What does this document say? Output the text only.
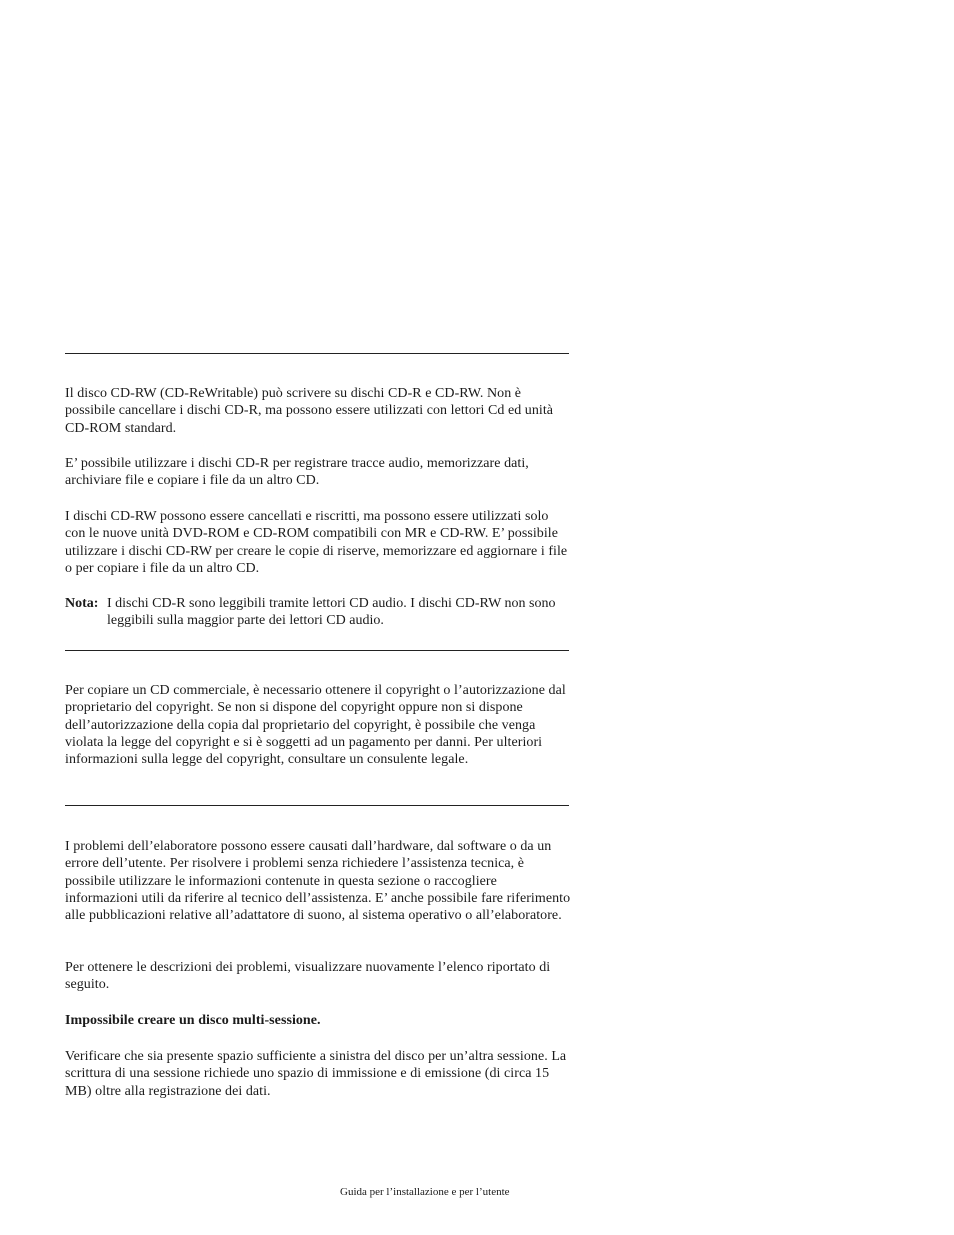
Il disco CD-RW (CD-ReWritable) può scrivere su dischi CD-R e CD-RW. Non è possibile cancellare i dischi CD-R, ma possono essere utilizzati con lettori Cd ed unità CD-ROM standard.

E’ possibile utilizzare i dischi CD-R per registrare tracce audio, memorizzare dati, archiviare file e copiare i file da un altro CD.

I dischi CD-RW possono essere cancellati e riscritti, ma possono essere utilizzati solo con le nuove unità DVD-ROM e CD-ROM compatibili con MR e CD-RW. E’ possibile utilizzare i dischi CD-RW per creare le copie di riserve, memorizzare ed aggiornare i file o per copiare i file da un altro CD.

Nota: I dischi CD-R sono leggibili tramite lettori CD audio. I dischi CD-RW non sono leggibili sulla maggior parte dei lettori CD audio.

Per copiare un CD commerciale, è necessario ottenere il copyright o l’autorizzazione dal proprietario del copyright. Se non si dispone del copyright oppure non si dispone dell’autorizzazione della copia dal proprietario del copyright, è possibile che venga violata la legge del copyright e si è soggetti ad un pagamento per danni. Per ulteriori informazioni sulla legge del copyright, consultare un consulente legale.

I problemi dell’elaboratore possono essere causati dall’hardware, dal software o da un errore dell’utente. Per risolvere i problemi senza richiedere l’assistenza tecnica, è possibile utilizzare le informazioni contenute in questa sezione o raccogliere informazioni utili da riferire al tecnico dell’assistenza. E’ anche possibile fare riferimento alle pubblicazioni relative all’adattatore di suono, al sistema operativo o all’elaboratore.

Per ottenere le descrizioni dei problemi, visualizzare nuovamente l’elenco riportato di seguito.

Impossibile creare un disco multi-sessione.

Verificare che sia presente spazio sufficiente a sinistra del disco per un’altra sessione. La scrittura di una sessione richiede uno spazio di immissione e di emissione (di circa 15 MB) oltre alla registrazione dei dati.

Guida per l’installazione e per l’utente
